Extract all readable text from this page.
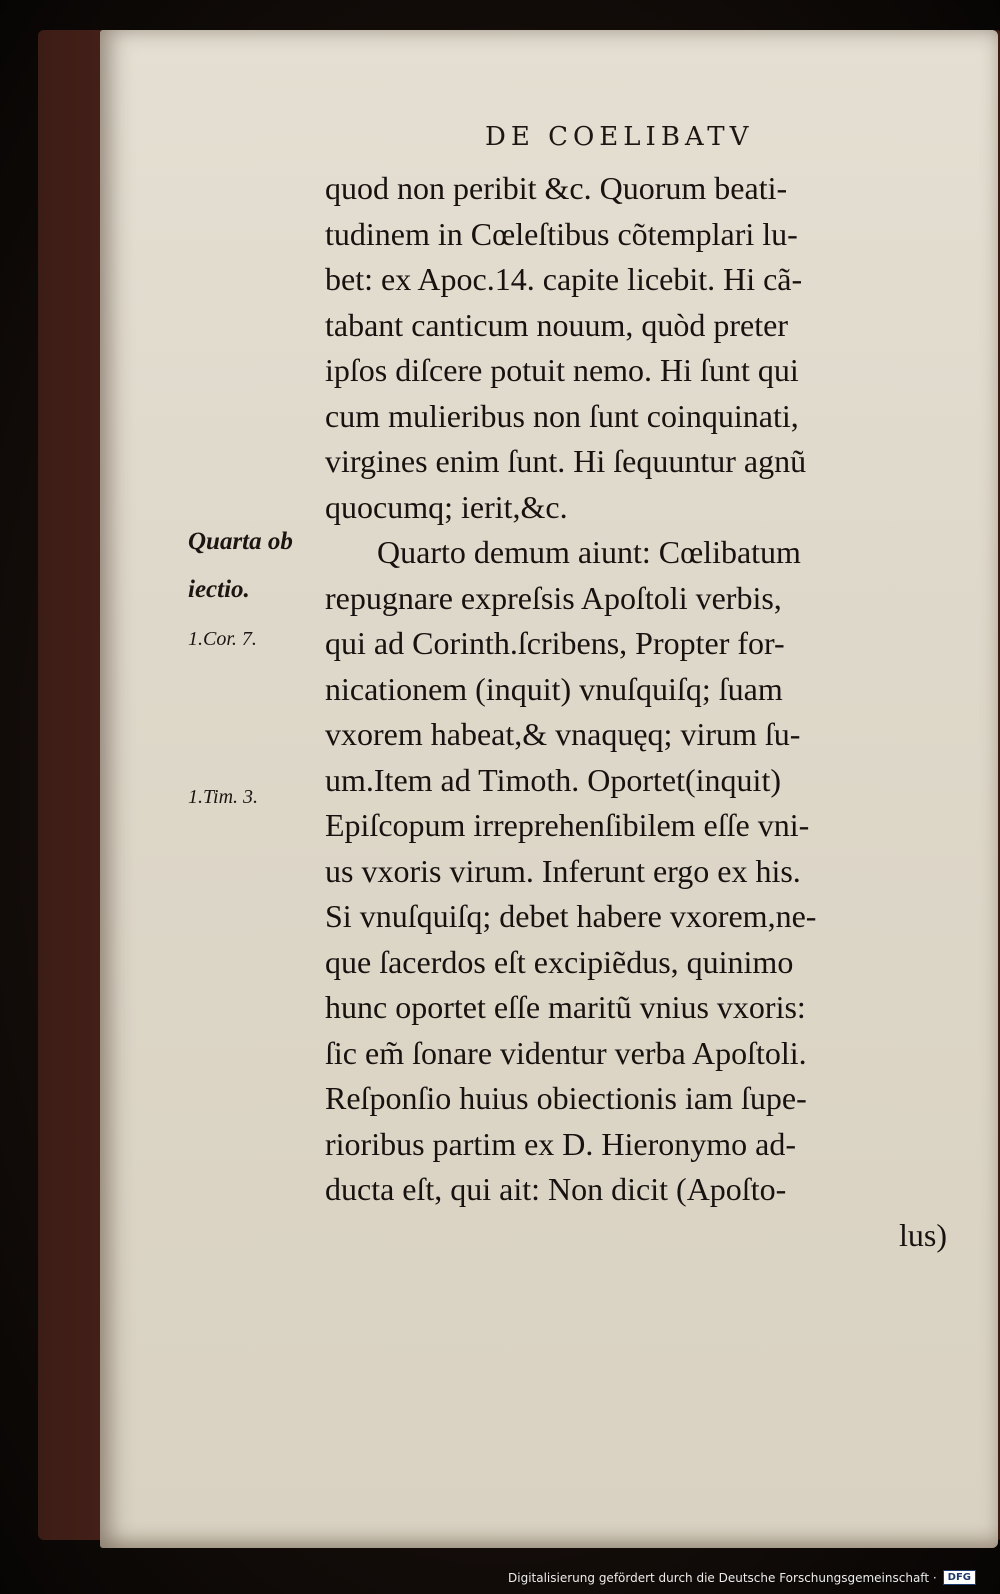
DE COELIBATV
Quarta ob
iectio.
1.Cor. 7.
1.Tim. 3.
quod non peribit &c. Quorum beati-
tudinem in Cœleſtibus cõtemplari lu-
bet: ex Apoc.14. capite licebit. Hi cã-
tabant canticum nouum, quòd preter
ipſos diſcere potuit nemo. Hi ſunt qui
cum mulieribus non ſunt coinquinati,
virgines enim ſunt. Hi ſequuntur agnũ
quocumq; ierit,&c.
Quarto demum aiunt: Cœlibatum
repugnare expreſsis Apoſtoli verbis,
qui ad Corinth.ſcribens, Propter for-
nicationem (inquit) vnuſquiſq; ſuam
vxorem habeat,& vnaquęq; virum ſu-
um.Item ad Timoth. Oportet(inquit)
Epiſcopum irreprehenſibilem eſſe vni-
us vxoris virum. Inferunt ergo ex his.
Si vnuſquiſq; debet habere vxorem,ne-
que ſacerdos eſt excipiẽdus, quinimo
hunc oportet eſſe maritũ vnius vxoris:
ſic em̃ ſonare videntur verba Apoſtoli.
Reſponſio huius obiectionis iam ſupe-
rioribus partim ex D. Hieronymo ad-
ducta eſt, qui ait: Non dicit (Apoſto-
lus)
Digitalisierung gefördert durch die Deutsche Forschungsgemeinschaft ·	DFG
